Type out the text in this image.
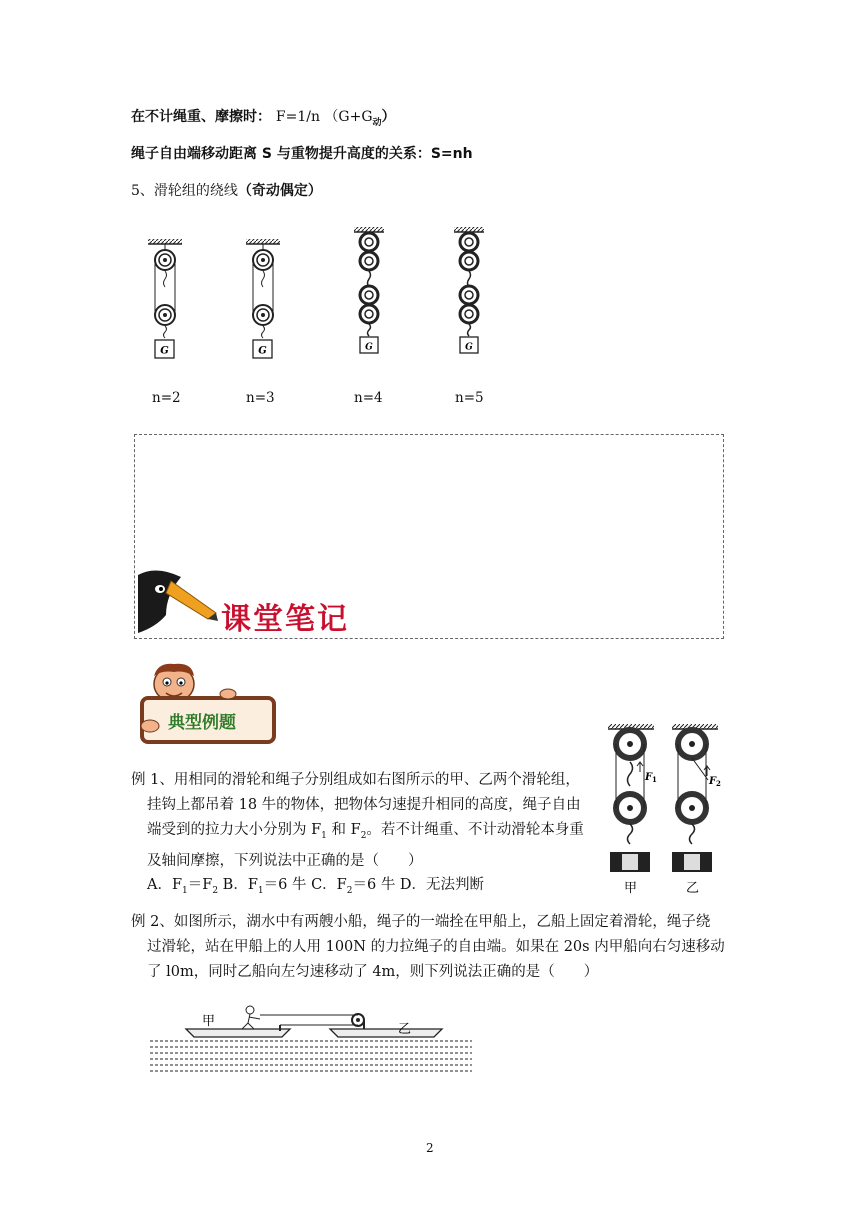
在不计绳重、摩擦时： F=1/n $(G+G_动)$
绳子自由端移动距离 S 与重物提升高度的关系：S=nh
5、滑轮组的绕线（奇动偶定）
G	G	G	G
n=2	n=3	n=4	n=5
课堂笔记
典型例题
F 1	F 2
甲	乙
例 1、用相同的滑轮和绳子分别组成如右图所示的甲、乙两个滑轮组，
挂钩上都吊着 18 牛的物体，把物体匀速提升相同的高度，绳子自由
端受到的拉力大小分别为 $F_1$ 和 $F_2$。若不计绳重、不计动滑轮本身重
及轴间摩擦，下列说法中正确的是（　　）
A．$F_1=F_2$ B．$F_1=6$ 牛 C．$F_2=6$ 牛 D．无法判断
例 2、如图所示，湖水中有两艘小船，绳子的一端拴在甲船上，乙船上固定着滑轮，绳子绕
过滑轮，站在甲船上的人用 100N 的力拉绳子的自由端。如果在 20s 内甲船向右匀速移动
了 l0m，同时乙船向左匀速移动了 4m，则下列说法正确的是（　　）
甲
乙
2
